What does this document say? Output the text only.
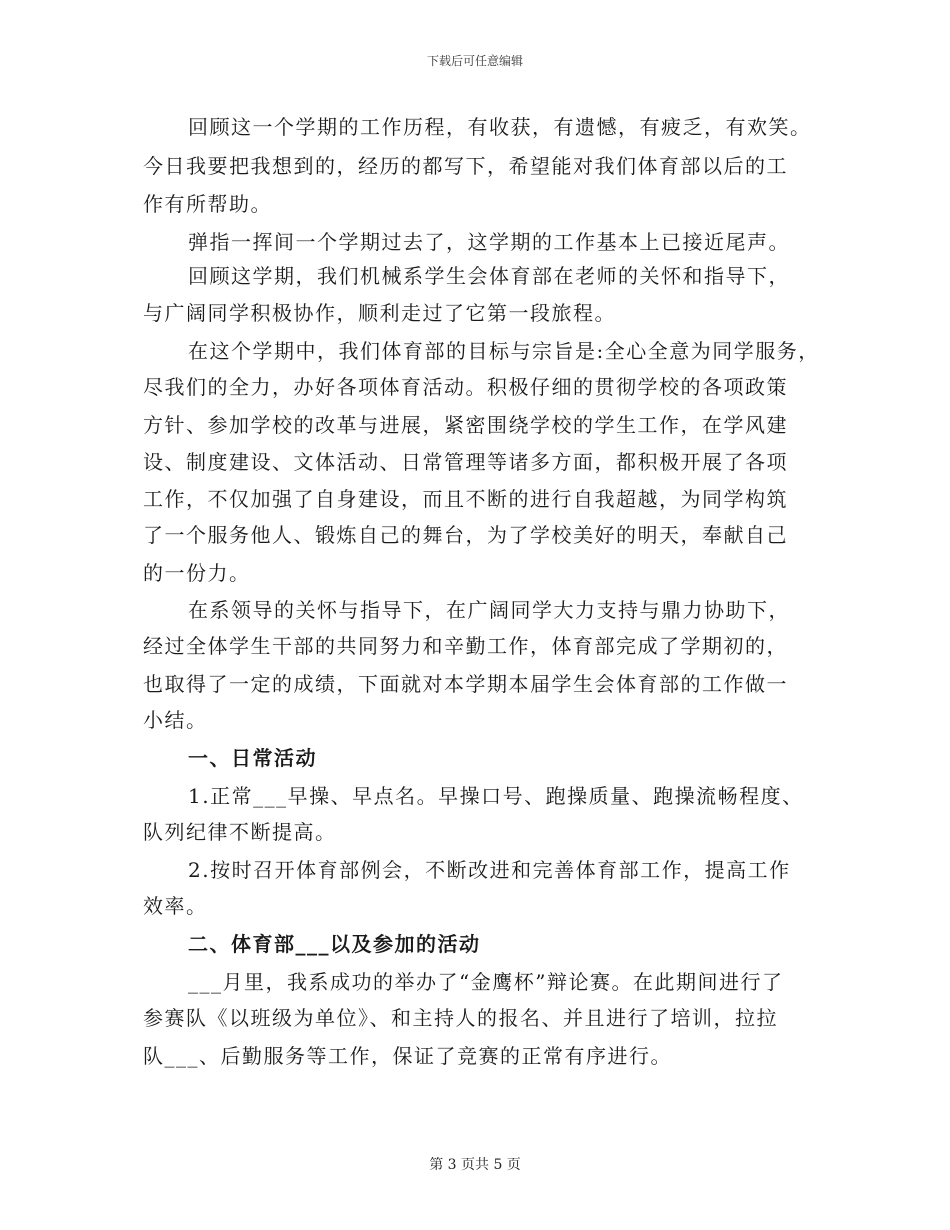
下载后可任意编辑
回顾这一个学期的工作历程，有收获，有遗憾，有疲乏，有欢笑。
今日我要把我想到的，经历的都写下，希望能对我们体育部以后的工
作有所帮助。
弹指一挥间一个学期过去了，这学期的工作基本上已接近尾声。
回顾这学期，我们机械系学生会体育部在老师的关怀和指导下，
与广阔同学积极协作，顺利走过了它第一段旅程。
在这个学期中，我们体育部的目标与宗旨是:全心全意为同学服务，
尽我们的全力，办好各项体育活动。积极仔细的贯彻学校的各项政策
方针、参加学校的改革与进展，紧密围绕学校的学生工作，在学风建
设、制度建设、文体活动、日常管理等诸多方面，都积极开展了各项
工作，不仅加强了自身建设，而且不断的进行自我超越，为同学构筑
了一个服务他人、锻炼自己的舞台，为了学校美好的明天，奉献自己
的一份力。
在系领导的关怀与指导下，在广阔同学大力支持与鼎力协助下，
经过全体学生干部的共同努力和辛勤工作，体育部完成了学期初的，
也取得了一定的成绩，下面就对本学期本届学生会体育部的工作做一
小结。
一、日常活动
1.正常___早操、早点名。早操口号、跑操质量、跑操流畅程度、
队列纪律不断提高。
2.按时召开体育部例会，不断改进和完善体育部工作，提高工作
效率。
二、体育部___以及参加的活动
___月里，我系成功的举办了“金鹰杯”辩论赛。在此期间进行了
参赛队《以班级为单位》、和主持人的报名、并且进行了培训，拉拉
队___、后勤服务等工作，保证了竞赛的正常有序进行。
第 3 页共 5 页
